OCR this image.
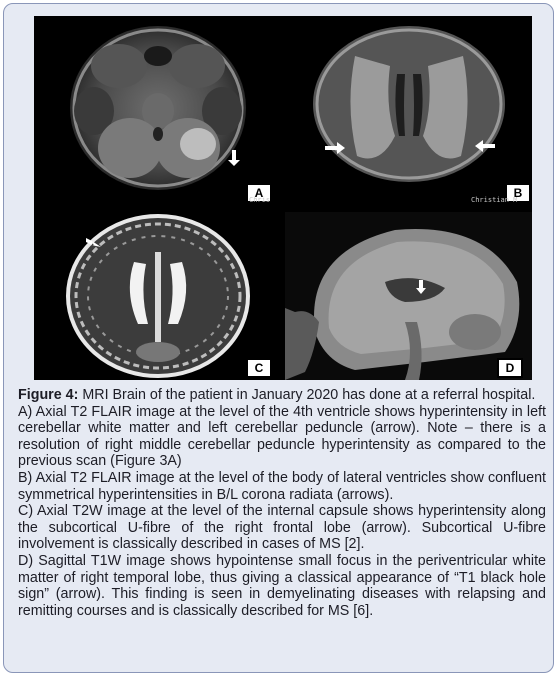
A
Chris	B
Christian M
C	D

Figure 4: MRI Brain of the patient in January 2020 has done at a referral hospital.

A) Axial T2 FLAIR image at the level of the 4th ventricle shows hyperintensity in left cerebellar white matter and left cerebellar peduncle (arrow). Note – there is a resolution of right middle cerebellar peduncle hyperintensity as compared to the previous scan (Figure 3A)

B) Axial T2 FLAIR image at the level of the body of lateral ventricles show confluent symmetrical hyperintensities in B/L corona radiata (arrows).

C) Axial T2W image at the level of the internal capsule shows hyperintensity along the subcortical U-fibre of the right frontal lobe (arrow). Subcortical U-fibre involvement is classically described in cases of MS [2].

D) Sagittal T1W image shows hypointense small focus in the periventricular white matter of right temporal lobe, thus giving a classical appearance of “T1 black hole sign” (arrow). This finding is seen in demyelinating diseases with relapsing and remitting courses and is classically described for MS [6].
